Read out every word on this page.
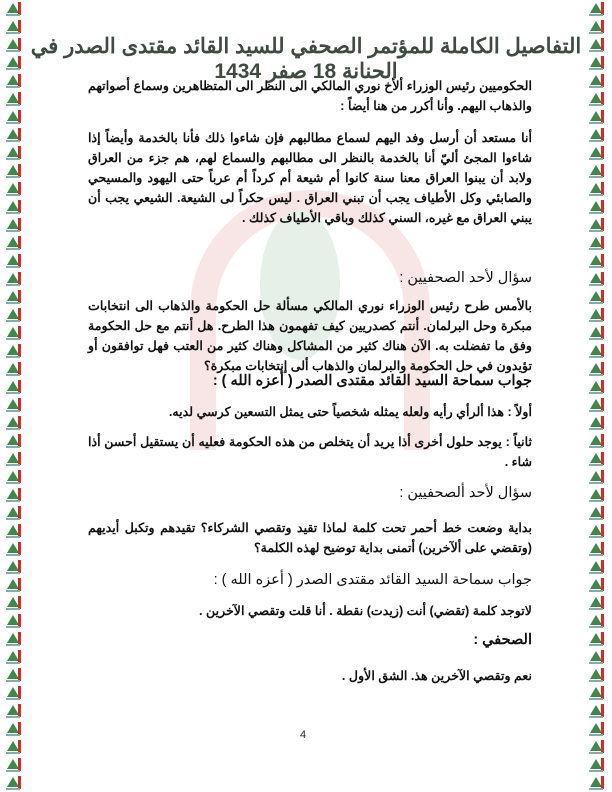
التفاصيل الكاملة للمؤتمر الصحفي للسيد القائد مقتدى الصدر في الحنانة 18 صفر 1434
الحكوميين رئيس الوزراء ألأخ نوري المالكي الى النظر الى المتظاهرين وسماع أصواتهم والذهاب اليهم. وأنا أكرر من هنا أيضاً :
أنا مستعد أن أرسل وفد اليهم لسماع مطالبهم فإن شاءوا ذلك فأنا بالخدمة وأيضاً إذا شاءوا المجئ أليّ أنا بالخدمة بالنظر الى مطالبهم والسماع لهم، هم جزء من العراق ولابد أن يبنوا العراق معنا سنة كانوا أم شيعة أم كرداً أم عرباً حتى اليهود والمسيحي والصابئي وكل الأطياف يجب أن تبني العراق . ليس حكراً لى الشيعة. الشيعي يجب أن يبني العراق مع غيره، السني كذلك وباقي الأطياف كذلك .
سؤال لأحد الصحفيين :
بالأمس طرح رئيس الوزراء نوري المالكي مسألة حل الحكومة والذهاب الى انتخابات مبكرة وحل البرلمان. أنتم كصدريين كيف تفهمون هذا الطرح. هل أنتم مع حل الحكومة وفق ما تفضلت به. الآن هناك كثير من المشاكل وهناك كثير من العتب فهل توافقون أو تؤيدون في حل الحكومة والبرلمان والذهاب ألى إنتخابات مبكرة؟
جواب سماحة السيد القائد مقتدى الصدر ( أعزه الله ) :
أولاً : هذا ألرأي رأيه ولعله يمثله شخصياً حتى يمثل التسعين كرسي لديه.
ثانياً : يوجد حلول أخرى أذا يريد أن يتخلص من هذه الحكومة فعليه أن يستقيل أحسن أذا شاء .
سؤال لأحد ألصحفيين :
بداية وضعت خط أحمر تحت كلمة لماذا تقيد وتقصي الشركاء؟ تقيدهم وتكبل أيديهم (وتقضي على ألآخرين) أتمنى بداية توضيح لهذه الكلمة؟
جواب سماحة السيد القائد مقتدى الصدر ( أعزه الله ) :
لاتوجد كلمة (تقضي) أنت (زيدت) نقطة . أنا قلت وتقصي الآخرين .
الصحفي :
نعم وتقصي الآخرين هذ. الشق الأول .
4
